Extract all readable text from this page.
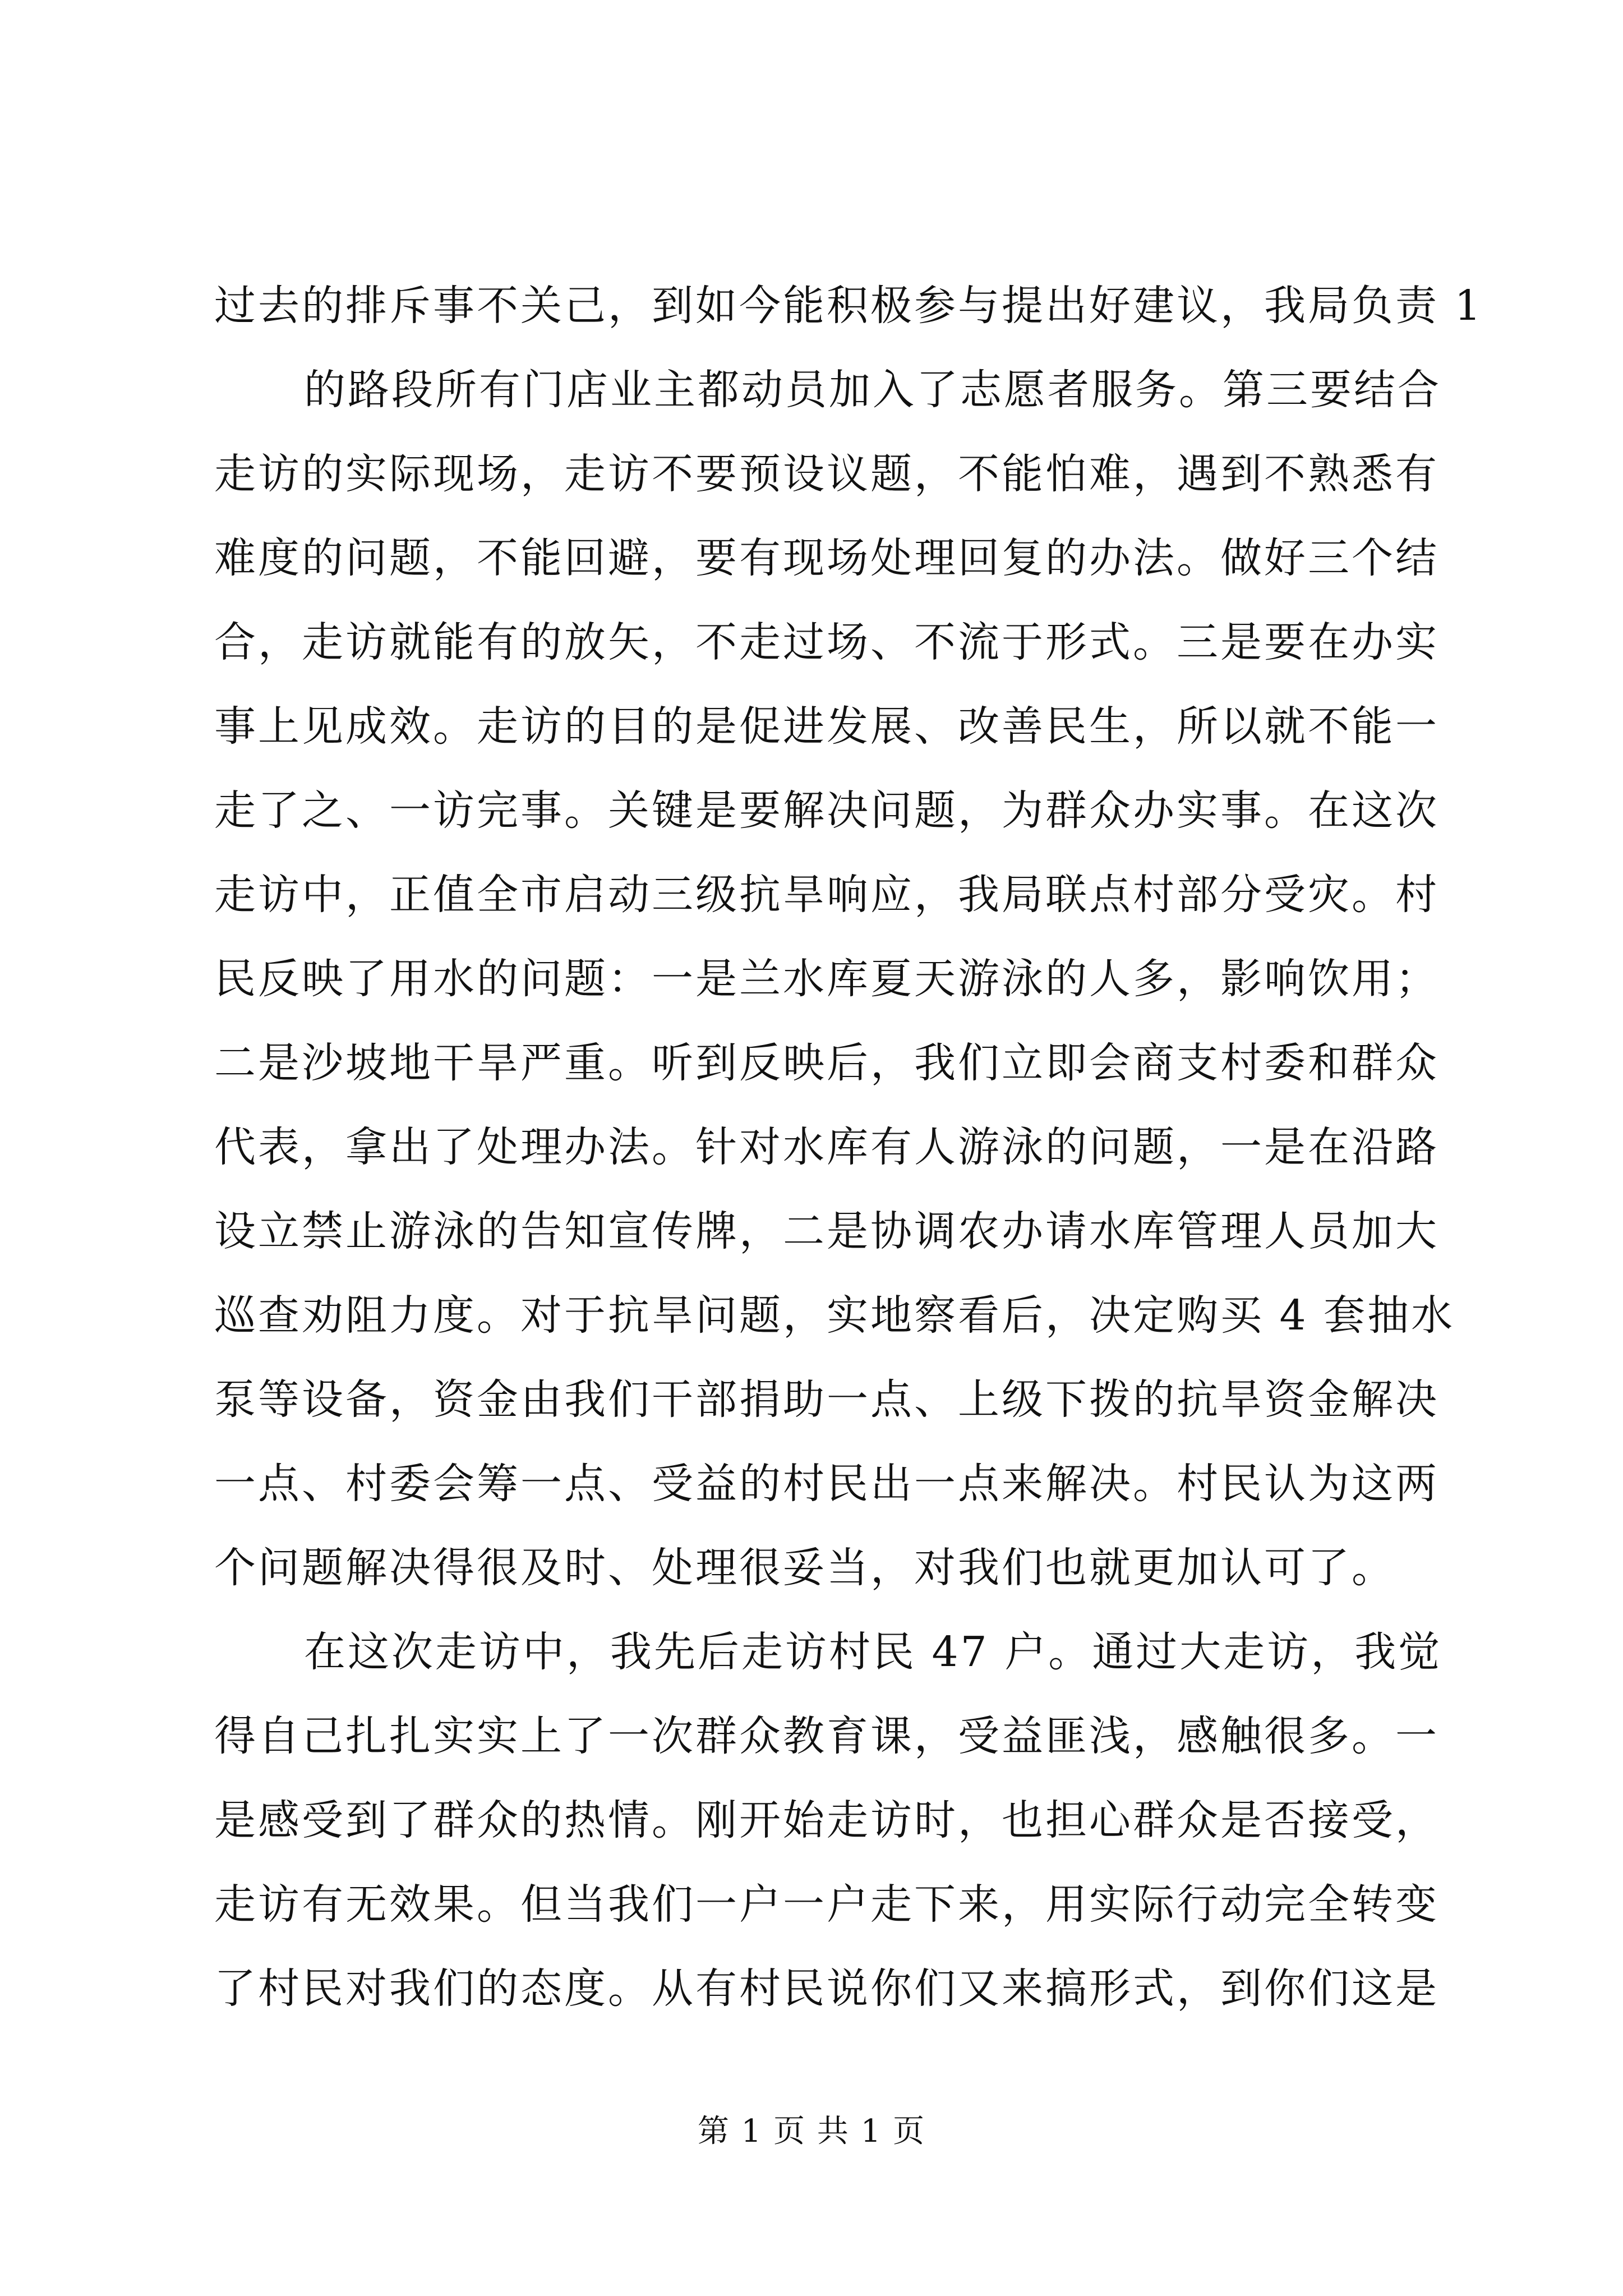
过去的排斥事不关己，到如今能积极参与提出好建议，我局负责 1
的路段所有门店业主都动员加入了志愿者服务。第三要结合
走访的实际现场，走访不要预设议题，不能怕难，遇到不熟悉有
难度的问题，不能回避，要有现场处理回复的办法。做好三个结
合，走访就能有的放矢，不走过场、不流于形式。三是要在办实
事上见成效。走访的目的是促进发展、改善民生，所以就不能一
走了之、一访完事。关键是要解决问题，为群众办实事。在这次
走访中，正值全市启动三级抗旱响应，我局联点村部分受灾。村
民反映了用水的问题：一是兰水库夏天游泳的人多，影响饮用；
二是沙坡地干旱严重。听到反映后，我们立即会商支村委和群众
代表，拿出了处理办法。针对水库有人游泳的问题，一是在沿路
设立禁止游泳的告知宣传牌，二是协调农办请水库管理人员加大
巡查劝阻力度。对于抗旱问题，实地察看后，决定购买 4 套抽水
泵等设备，资金由我们干部捐助一点、上级下拨的抗旱资金解决
一点、村委会筹一点、受益的村民出一点来解决。村民认为这两
个问题解决得很及时、处理很妥当，对我们也就更加认可了。
在这次走访中，我先后走访村民 47 户。通过大走访，我觉
得自己扎扎实实上了一次群众教育课，受益匪浅，感触很多。一
是感受到了群众的热情。刚开始走访时，也担心群众是否接受，
走访有无效果。但当我们一户一户走下来，用实际行动完全转变
了村民对我们的态度。从有村民说你们又来搞形式，到你们这是
第 1 页 共 1 页
